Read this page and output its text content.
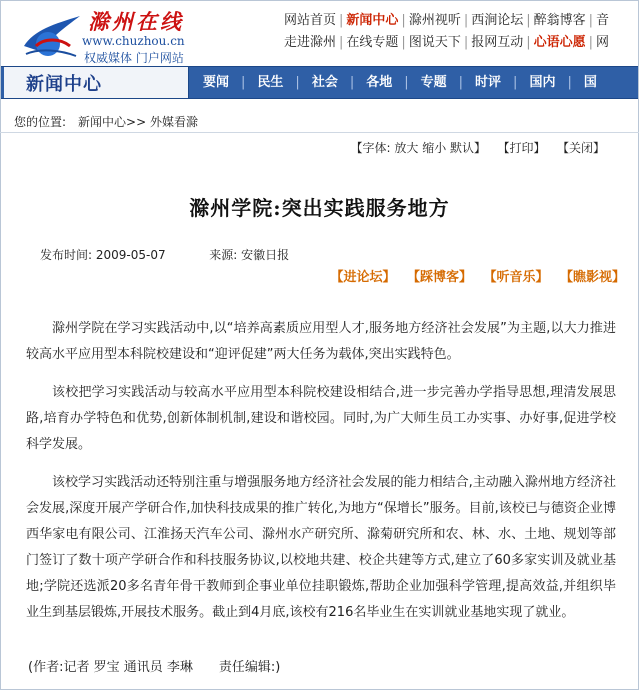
滁州在线
www.chuzhou.cn
权威媒体 门户网站
网站首页 | 新闻中心 | 滁州视听 | 西涧论坛 | 醉翁博客 | 音
走进滁州 | 在线专题 | 图说天下 | 报网互动 | 心语心愿 | 网
新闻中心	要闻 | 民生 | 社会 | 各地 | 专题 | 时评 | 国内 | 国
您的位置: 新闻中心>> 外媒看滁
【字体: 放大 缩小 默认】 【打印】 【关闭】
滁州学院:突出实践服务地方
发布时间: 2009-05-07	来源: 安徽日报
【进论坛】 【踩博客】 【听音乐】 【瞧影视】

滁州学院在学习实践活动中,以“培养高素质应用型人才,服务地方经济社会发展”为主题,以大力推进较高水平应用型本科院校建设和“迎评促建”两大任务为载体,突出实践特色。

该校把学习实践活动与较高水平应用型本科院校建设相结合,进一步完善办学指导思想,理清发展思路,培育办学特色和优势,创新体制机制,建设和谐校园。同时,为广大师生员工办实事、办好事,促进学校科学发展。

该校学习实践活动还特别注重与增强服务地方经济社会发展的能力相结合,主动融入滁州地方经济社会发展,深度开展产学研合作,加快科技成果的推广转化,为地方“保增长”服务。目前,该校已与德资企业博西华家电有限公司、江淮扬天汽车公司、滁州水产研究所、滁菊研究所和农、林、水、土地、规划等部门签订了数十项产学研合作和科技服务协议,以校地共建、校企共建等方式,建立了60多家实训及就业基地;学院还选派20多名青年骨干教师到企事业单位挂职锻炼,帮助企业加强科学管理,提高效益,并组织毕业生到基层锻炼,开展技术服务。截止到4月底,该校有216名毕业生在实训就业基地实现了就业。

(作者:记者 罗宝 通讯员 李琳 责任编辑:)
